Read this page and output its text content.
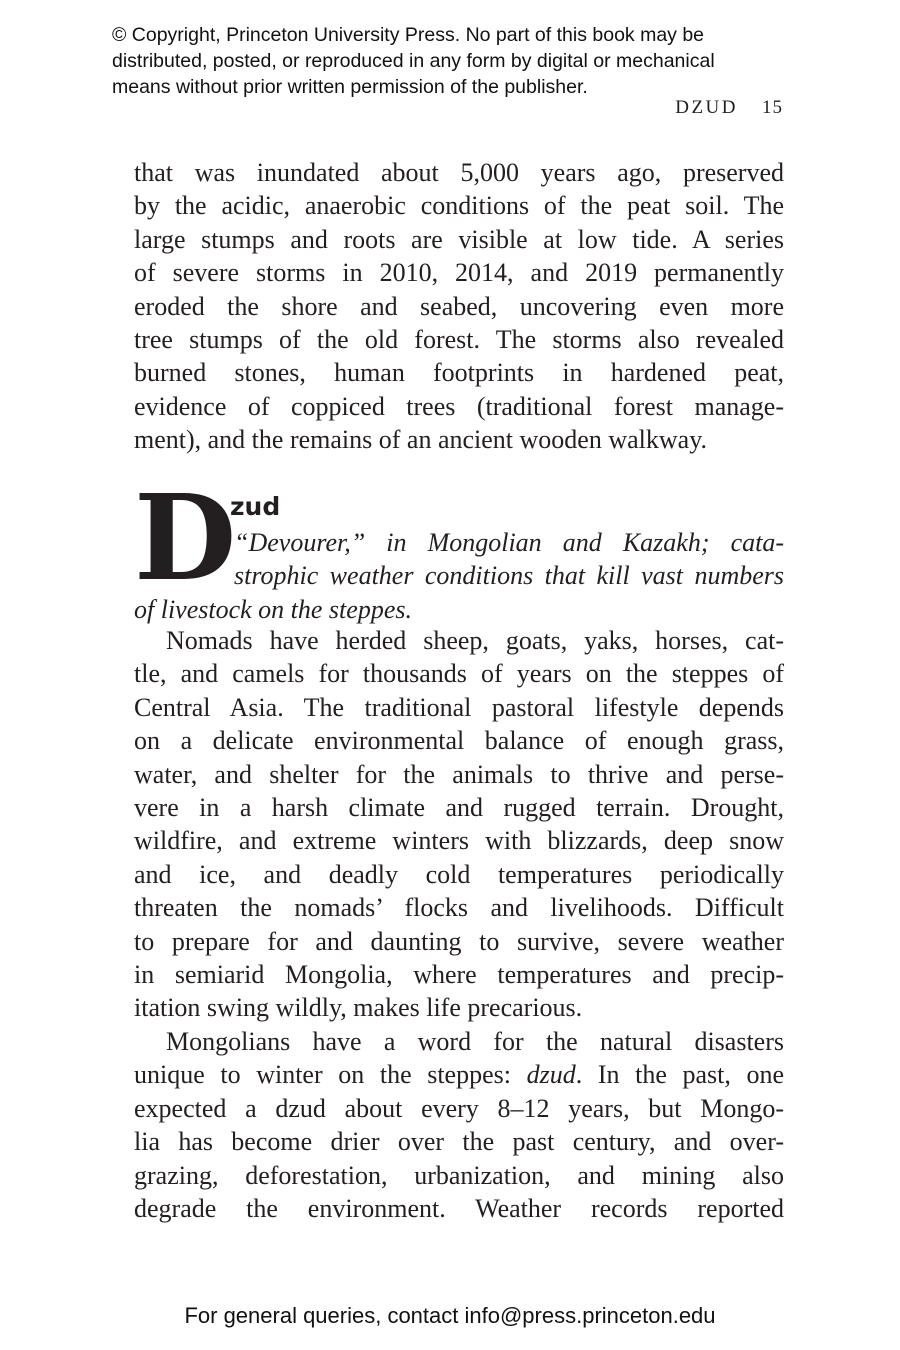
© Copyright, Princeton University Press. No part of this book may be
distributed, posted, or reproduced in any form by digital or mechanical
means without prior written permission of the publisher.
DZUD 15

that was inundated about 5,000 years ago, preserved
by the acidic, anaerobic conditions of the peat soil. The
large stumps and roots are visible at low tide. A series
of severe storms in 2010, 2014, and 2019 permanently
eroded the shore and seabed, uncovering even more
tree stumps of the old forest. The storms also revealed
burned stones, human footprints in hardened peat,
evidence of coppiced trees (traditional forest manage-
ment), and the remains of an ancient wooden walkway.

D
zud
“Devourer,” in Mongolian and Kazakh; cata-
strophic weather conditions that kill vast numbers
of livestock on the steppes.

Nomads have herded sheep, goats, yaks, horses, cat-
tle, and camels for thousands of years on the steppes of
Central Asia. The traditional pastoral lifestyle depends
on a delicate environmental balance of enough grass,
water, and shelter for the animals to thrive and perse-
vere in a harsh climate and rugged terrain. Drought,
wildfire, and extreme winters with blizzards, deep snow
and ice, and deadly cold temperatures periodically
threaten the nomads’ flocks and livelihoods. Difficult
to prepare for and daunting to survive, severe weather
in semiarid Mongolia, where temperatures and precip-
itation swing wildly, makes life precarious.

Mongolians have a word for the natural disasters
unique to winter on the steppes: dzud. In the past, one
expected a dzud about every 8–12 years, but Mongo-
lia has become drier over the past century, and over-
grazing, deforestation, urbanization, and mining also
degrade the environment. Weather records reported

For general queries, contact info@press.princeton.edu
